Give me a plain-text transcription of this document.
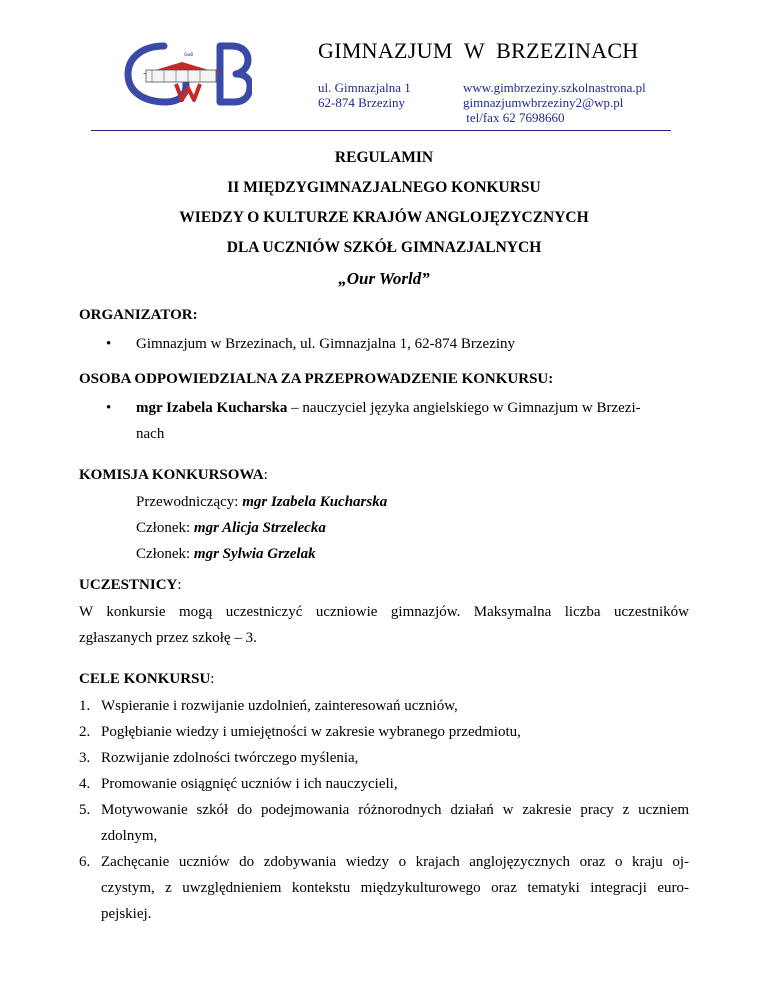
GwB	GIMNAZJUM  W  BRZEZINACH
ul. Gimnazjalna 1
62-874 Brzeziny
www.gimbrzeziny.szkolnastrona.pl
gimnazjumwbrzeziny2@wp.pl
tel/fax 62 7698660
REGULAMIN
II MIĘDZYGIMNAZJALNEGO KONKURSU
WIEDZY O KULTURZE KRAJÓW ANGLOJĘZYCZNYCH
DLA UCZNIÓW SZKÓŁ GIMNAZJALNYCH
„Our World”
ORGANIZATOR:
• Gimnazjum w Brzezinach, ul. Gimnazjalna 1, 62-874 Brzeziny
OSOBA ODPOWIEDZIALNA ZA PRZEPROWADZENIE KONKURSU:
• mgr Izabela Kucharska – nauczyciel języka angielskiego w Gimnazjum w Brzezi-
nach
KOMISJA KONKURSOWA:
Przewodniczący: mgr Izabela Kucharska
Członek: mgr Alicja Strzelecka
Członek: mgr Sylwia Grzelak
UCZESTNICY:
W konkursie mogą uczestniczyć uczniowie gimnazjów. Maksymalna liczba uczestników
zgłaszanych przez szkołę – 3.
CELE KONKURSU:
1. Wspieranie i rozwijanie uzdolnień, zainteresowań uczniów,
2. Pogłębianie wiedzy i umiejętności w zakresie wybranego przedmiotu,
3. Rozwijanie zdolności twórczego myślenia,
4. Promowanie osiągnięć uczniów i ich nauczycieli,
5. Motywowanie szkół do podejmowania różnorodnych działań w zakresie pracy z uczniem
zdolnym,
6. Zachęcanie uczniów do zdobywania wiedzy o krajach anglojęzycznych oraz o kraju oj-
czystym, z uwzględnieniem kontekstu międzykulturowego oraz tematyki integracji euro-
pejskiej.
